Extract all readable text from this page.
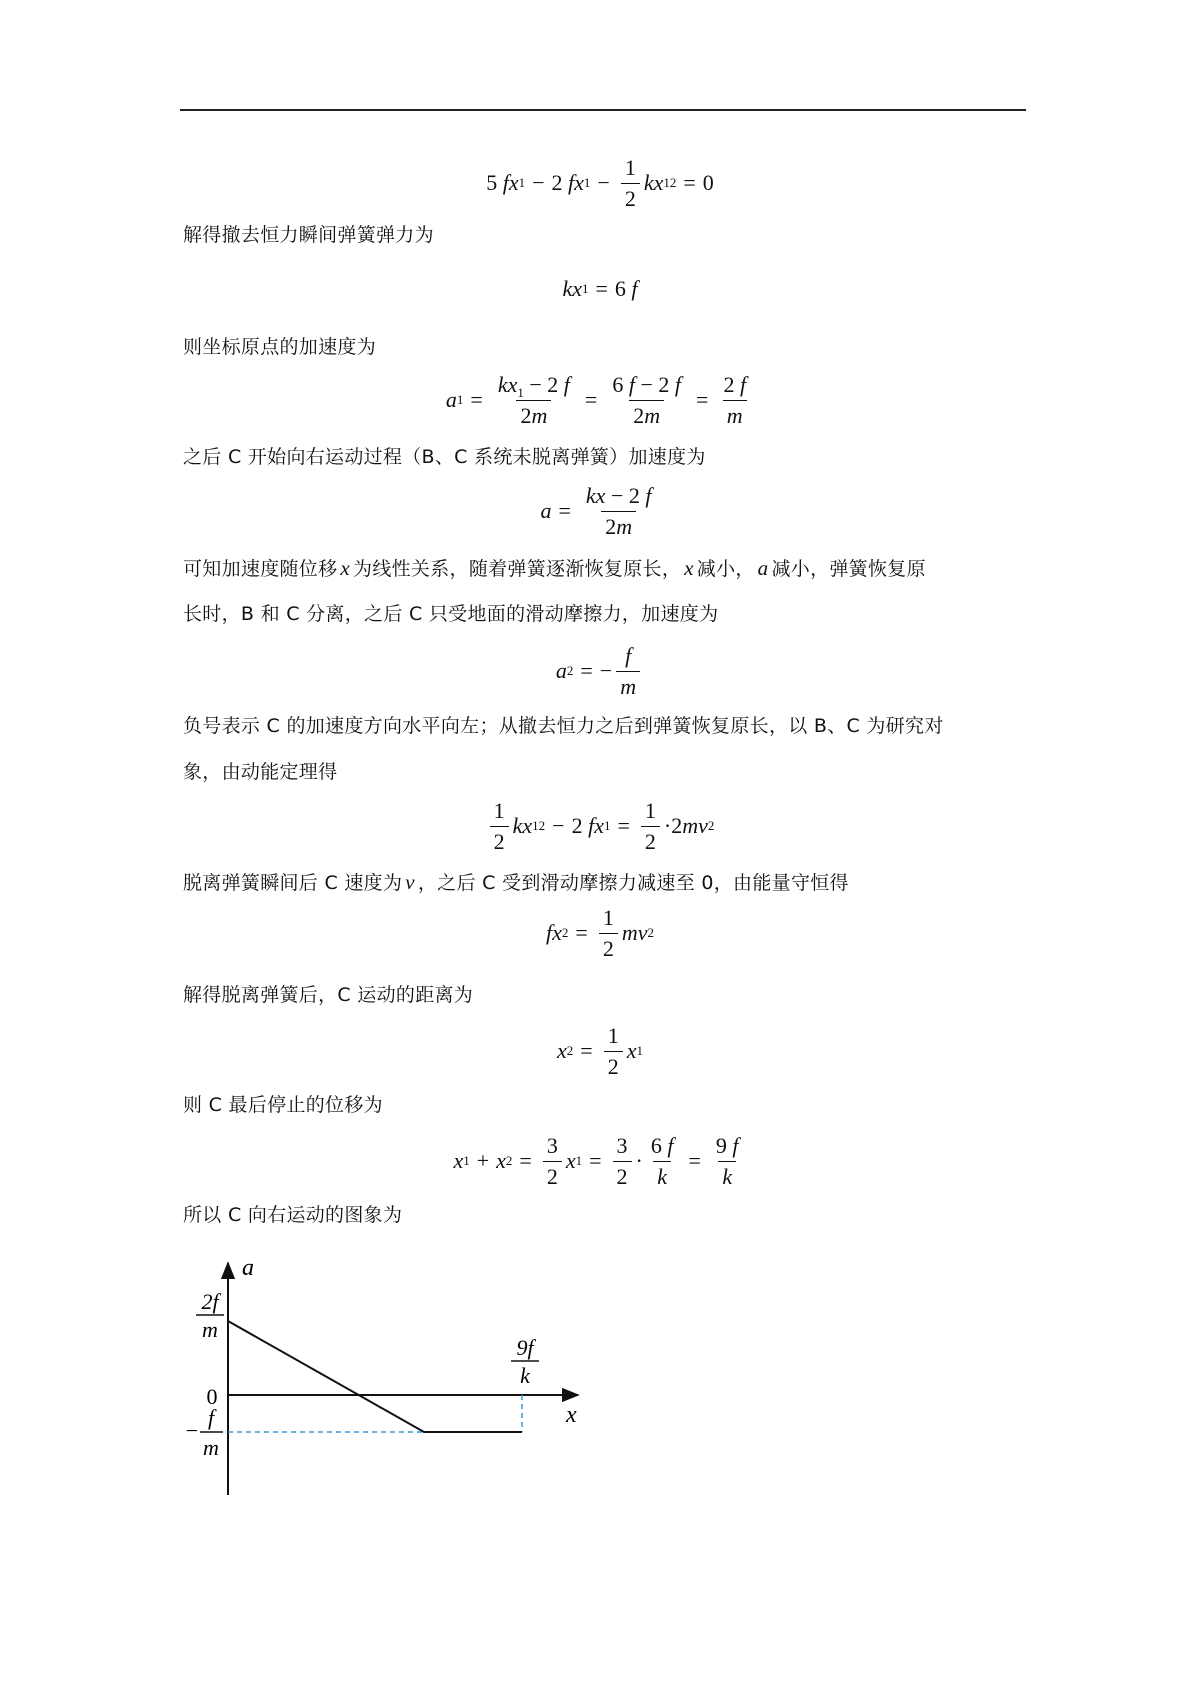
5 f x 1 − 2 f x $1 - \frac{1}{2}$ k x 1 2 = 0
解得撤去恒力瞬间弹簧弹力为
k x 1 = 6 f
则坐标原点的加速度为
a $1 = \frac{kx_1 - 2 f}{2m} = \frac{6 f - 2 f}{2m} = \frac{2 f}{m}$
之后 C 开始向右运动过程（B、C 系统未脱离弹簧）加速度为
$a = \frac{kx - 2 f}{2m}$
可知加速度随位移 x 为线性关系，随着弹簧逐渐恢复原长， x 减小， a 减小，弹簧恢复原
长时，B 和 C 分离，之后 C 只受地面的滑动摩擦力，加速度为
a 2 = − $\frac{f}{m}$
负号表示 C 的加速度方向水平向左；从撤去恒力之后到弹簧恢复原长，以 B、C 为研究对
象，由动能定理得
$\frac{1}{2}$ k x 1 2 − 2 f x $1 = \frac{1}{2} \cdot 2$ m v 2
脱离弹簧瞬间后 C 速度为 v ，之后 C 受到滑动摩擦力减速至 0，由能量守恒得
f x $2 = \frac{1}{2}$ m v 2
解得脱离弹簧后，C 运动的距离为
x $2 = \frac{1}{2}$ x 1
则 C 最后停止的位移为
x 1 + x $2 = \frac{3}{2}$ x $1 = \frac{3}{2} \cdot \frac{6 f}{k} = \frac{9 f}{k}$
所以 C 向右运动的图象为
a
x
0
2f
m
−
f
m
9f
k
